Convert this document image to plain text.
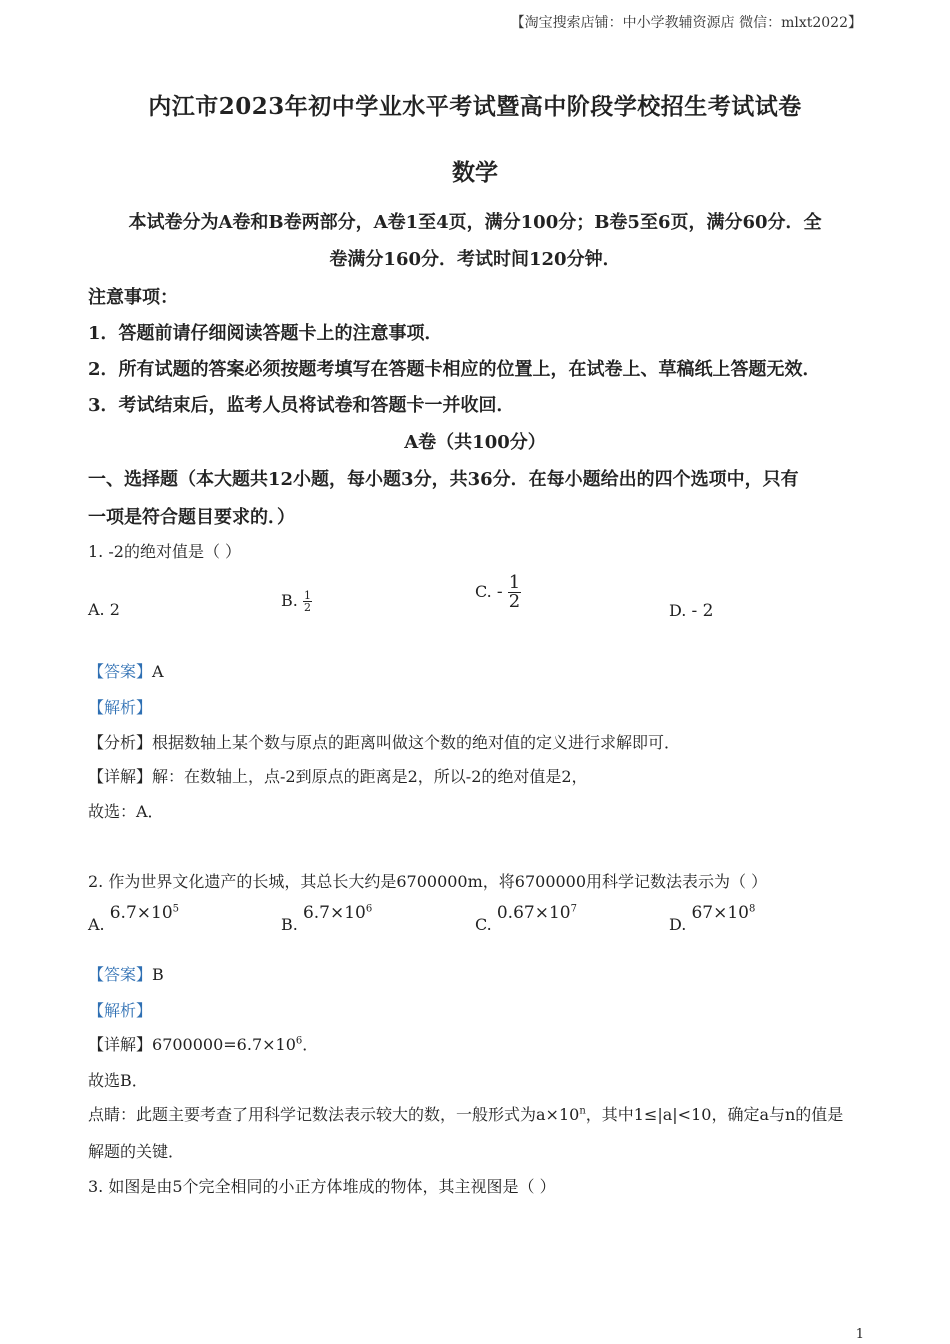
【淘宝搜索店铺：中小学教辅资源店 微信：mlxt2022】
内江市2023年初中学业水平考试暨高中阶段学校招生考试试卷
数学
本试卷分为A卷和B卷两部分，A卷1至4页，满分100分；B卷5至6页，满分60分．全
卷满分160分．考试时间120分钟．
注意事项：
1．答题前请仔细阅读答题卡上的注意事项．
2．所有试题的答案必须按题考填写在答题卡相应的位置上，在试卷上、草稿纸上答题无效．
3．考试结束后，监考人员将试卷和答题卡一并收回．
A卷（共100分）
一、选择题（本大题共12小题，每小题3分，共36分．在每小题给出的四个选项中，只有
一项是符合题目要求的．）
1. -2的绝对值是（ ）
A. 2	B. $\frac{1}{2}$	C. - $\frac{1}{2}$	D. - 2
【答案】A
【解析】
【分析】根据数轴上某个数与原点的距离叫做这个数的绝对值的定义进行求解即可．
【详解】解：在数轴上，点-2到原点的距离是2，所以-2的绝对值是2，
故选：A．
2. 作为世界文化遗产的长城，其总长大约是6700000m，将6700000用科学记数法表示为（ ）
A. $6.7\times 10^5$
B. $6.7\times 10^6$
C. $0.67\times 10^7$
D. $67\times 10^8$
【答案】B
【解析】
【详解】$6700000=6.7\times 10^6$．
故选B．
点睛：此题主要考查了用科学记数法表示较大的数，一般形式为$a\times 10^n$，其中1≤|a|<10，确定a与n的值是
解题的关键．
3. 如图是由5个完全相同的小正方体堆成的物体，其主视图是（ ）
1
